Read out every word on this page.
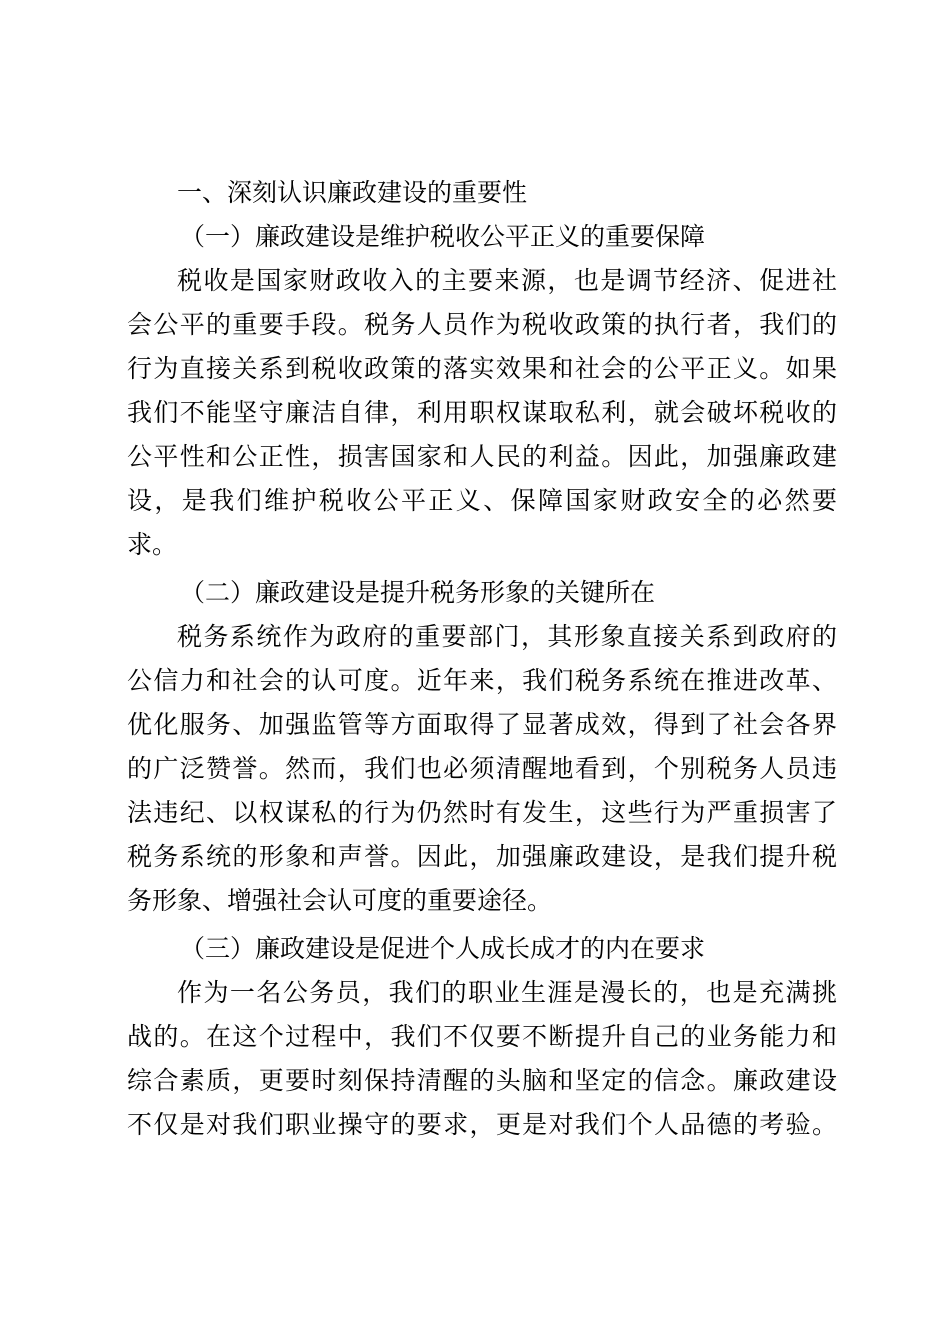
一、深刻认识廉政建设的重要性
（一）廉政建设是维护税收公平正义的重要保障
税收是国家财政收入的主要来源，也是调节经济、促进社
会公平的重要手段。税务人员作为税收政策的执行者，我们的
行为直接关系到税收政策的落实效果和社会的公平正义。如果
我们不能坚守廉洁自律，利用职权谋取私利，就会破坏税收的
公平性和公正性，损害国家和人民的利益。因此，加强廉政建
设，是我们维护税收公平正义、保障国家财政安全的必然要
求。
（二）廉政建设是提升税务形象的关键所在
税务系统作为政府的重要部门，其形象直接关系到政府的
公信力和社会的认可度。近年来，我们税务系统在推进改革、
优化服务、加强监管等方面取得了显著成效，得到了社会各界
的广泛赞誉。然而，我们也必须清醒地看到，个别税务人员违
法违纪、以权谋私的行为仍然时有发生，这些行为严重损害了
税务系统的形象和声誉。因此，加强廉政建设，是我们提升税
务形象、增强社会认可度的重要途径。
（三）廉政建设是促进个人成长成才的内在要求
作为一名公务员，我们的职业生涯是漫长的，也是充满挑
战的。在这个过程中，我们不仅要不断提升自己的业务能力和
综合素质，更要时刻保持清醒的头脑和坚定的信念。廉政建设
不仅是对我们职业操守的要求，更是对我们个人品德的考验。
